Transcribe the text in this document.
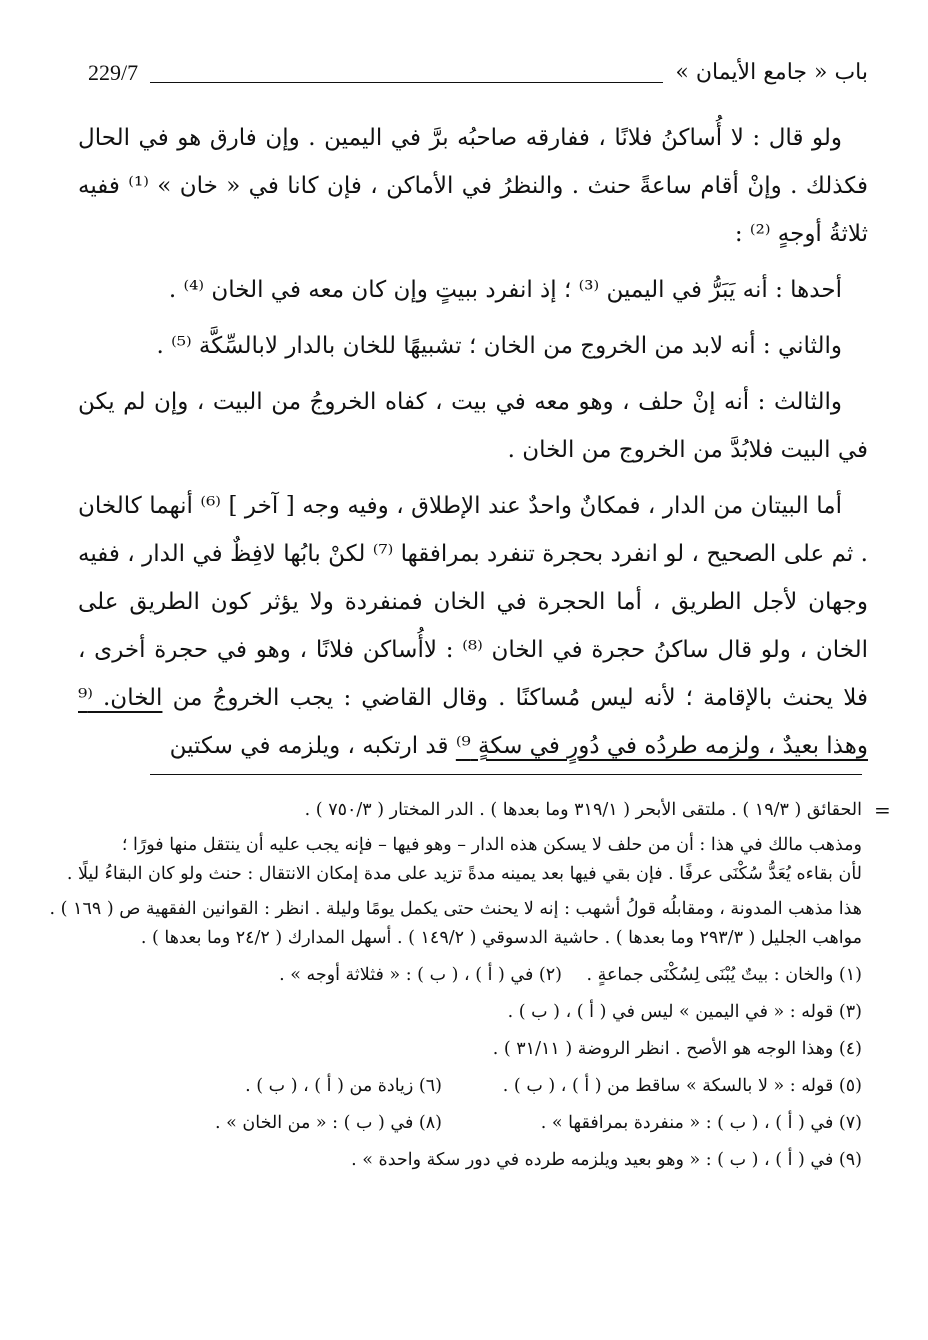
باب « جامع الأيمان »
229/7

ولو قال : لا أُساكنُ فلانًا ، ففارقه صاحبُه برَّ في اليمين . وإن فارق هو في الحال فكذلك . وإنْ أقام ساعةً حنث . والنظرُ في الأماكن ، فإن كانا في « خان » ⁽¹⁾ ففيه ثلاثةُ أوجهٍ ⁽²⁾ :

أحدها : أنه يَبَرُّ في اليمين ⁽³⁾ ؛ إذ انفرد ببيتٍ وإن كان معه في الخان ⁽⁴⁾ .

والثاني : أنه لابد من الخروج من الخان ؛ تشبيهًا للخان بالدار لابالسِّكَّة ⁽⁵⁾ .

والثالث : أنه إنْ حلف ، وهو معه في بيت ، كفاه الخروجُ من البيت ، وإن لم يكن في البيت فلابُدَّ من الخروج من الخان .

أما البيتان من الدار ، فمكانٌ واحدٌ عند الإطلاق ، وفيه وجه [ آخر ] ⁽⁶⁾ أنهما كالخان . ثم على الصحيح ، لو انفرد بحجرة تنفرد بمرافقها ⁽⁷⁾ لكنْ بابُها لافِظٌ في الدار ، ففيه وجهان لأجل الطريق ، أما الحجرة في الخان فمنفردة ولا يؤثر كون الطريق على الخان ، ولو قال ساكنُ حجرة في الخان ⁽⁸⁾ : لاأُساكن فلانًا ، وهو في حجرة أخرى ، فلا يحنث بالإقامة ؛ لأنه ليس مُساكنًا . وقال القاضي : يجب الخروجُ من الخان. ⁽⁹ وهذا بعيدٌ ، ولزمه طردُه في دُورٍ في سكةٍ ⁹⁾ قد ارتكبه ، ويلزمه في سكتين

=
الحقائق ( ١٩/٣ ) . ملتقى الأبحر ( ٣١٩/١ وما بعدها ) . الدر المختار ( ٧٥٠/٣ ) .
ومذهب مالك في هذا : أن من حلف لا يسكن هذه الدار – وهو فيها – فإنه يجب عليه أن ينتقل منها فورًا ؛
لأن بقاءه يُعَدُّ سُكْنَى عرفًا . فإن بقي فيها بعد يمينه مدةً تزيد على مدة إمكان الانتقال : حنث ولو كان البقاءُ ليلًا .
هذا مذهب المدونة ، ومقابلُه قولُ أشهب : إنه لا يحنث حتى يكمل يومًا وليلة . انظر : القوانين الفقهية ص ( ١٦٩ ) .
مواهب الجليل ( ٢٩٣/٣ وما بعدها ) . حاشية الدسوقي ( ١٤٩/٢ ) . أسهل المدارك ( ٢٤/٢ وما بعدها ) .
(١) والخان : بيتٌ يُبْنَى لِسُكْنَى جماعةٍ .
(٢) في ( أ ) ، ( ب ) : « فثلاثة أوجه » .
(٣) قوله : « في اليمين » ليس في ( أ ) ، ( ب ) .
(٤) وهذا الوجه هو الأصح . انظر الروضة ( ٣١/١١ ) .
(٥) قوله : « لا بالسكة » ساقط من ( أ ) ، ( ب ) .
(٦) زيادة من ( أ ) ، ( ب ) .
(٧) في ( أ ) ، ( ب ) : « منفردة بمرافقها » .
(٨) في ( ب ) : « من الخان » .
(٩) في ( أ ) ، ( ب ) : « وهو بعيد ويلزمه طرده في دور سكة واحدة » .
